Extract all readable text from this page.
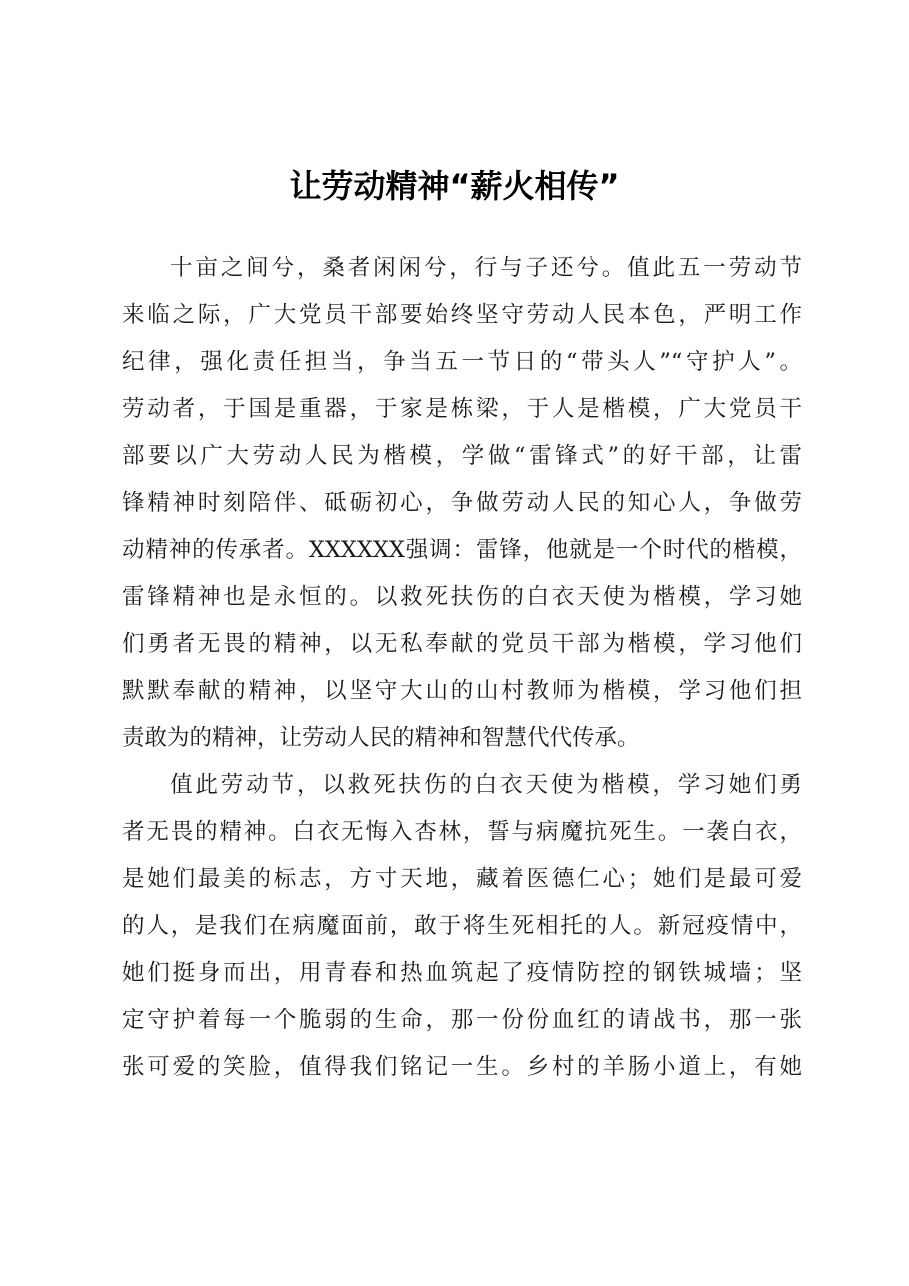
让劳动精神“薪火相传”
十亩之间兮，桑者闲闲兮，行与子还兮。值此五一劳动节
来临之际，广大党员干部要始终坚守劳动人民本色，严明工作
纪律，强化责任担当，争当五一节日的“带头人”“守护人”。
劳动者，于国是重器，于家是栋梁，于人是楷模，广大党员干
部要以广大劳动人民为楷模，学做“雷锋式”的好干部，让雷
锋精神时刻陪伴、砥砺初心，争做劳动人民的知心人，争做劳
动精神的传承者。XXXXXX强调：雷锋，他就是一个时代的楷模，
雷锋精神也是永恒的。以救死扶伤的白衣天使为楷模，学习她
们勇者无畏的精神，以无私奉献的党员干部为楷模，学习他们
默默奉献的精神，以坚守大山的山村教师为楷模，学习他们担
责敢为的精神，让劳动人民的精神和智慧代代传承。
值此劳动节，以救死扶伤的白衣天使为楷模，学习她们勇
者无畏的精神。白衣无悔入杏林，誓与病魔抗死生。一袭白衣，
是她们最美的标志，方寸天地，藏着医德仁心；她们是最可爱
的人，是我们在病魔面前，敢于将生死相托的人。新冠疫情中，
她们挺身而出，用青春和热血筑起了疫情防控的钢铁城墙；坚
定守护着每一个脆弱的生命，那一份份血红的请战书，那一张
张可爱的笑脸，值得我们铭记一生。乡村的羊肠小道上，有她
